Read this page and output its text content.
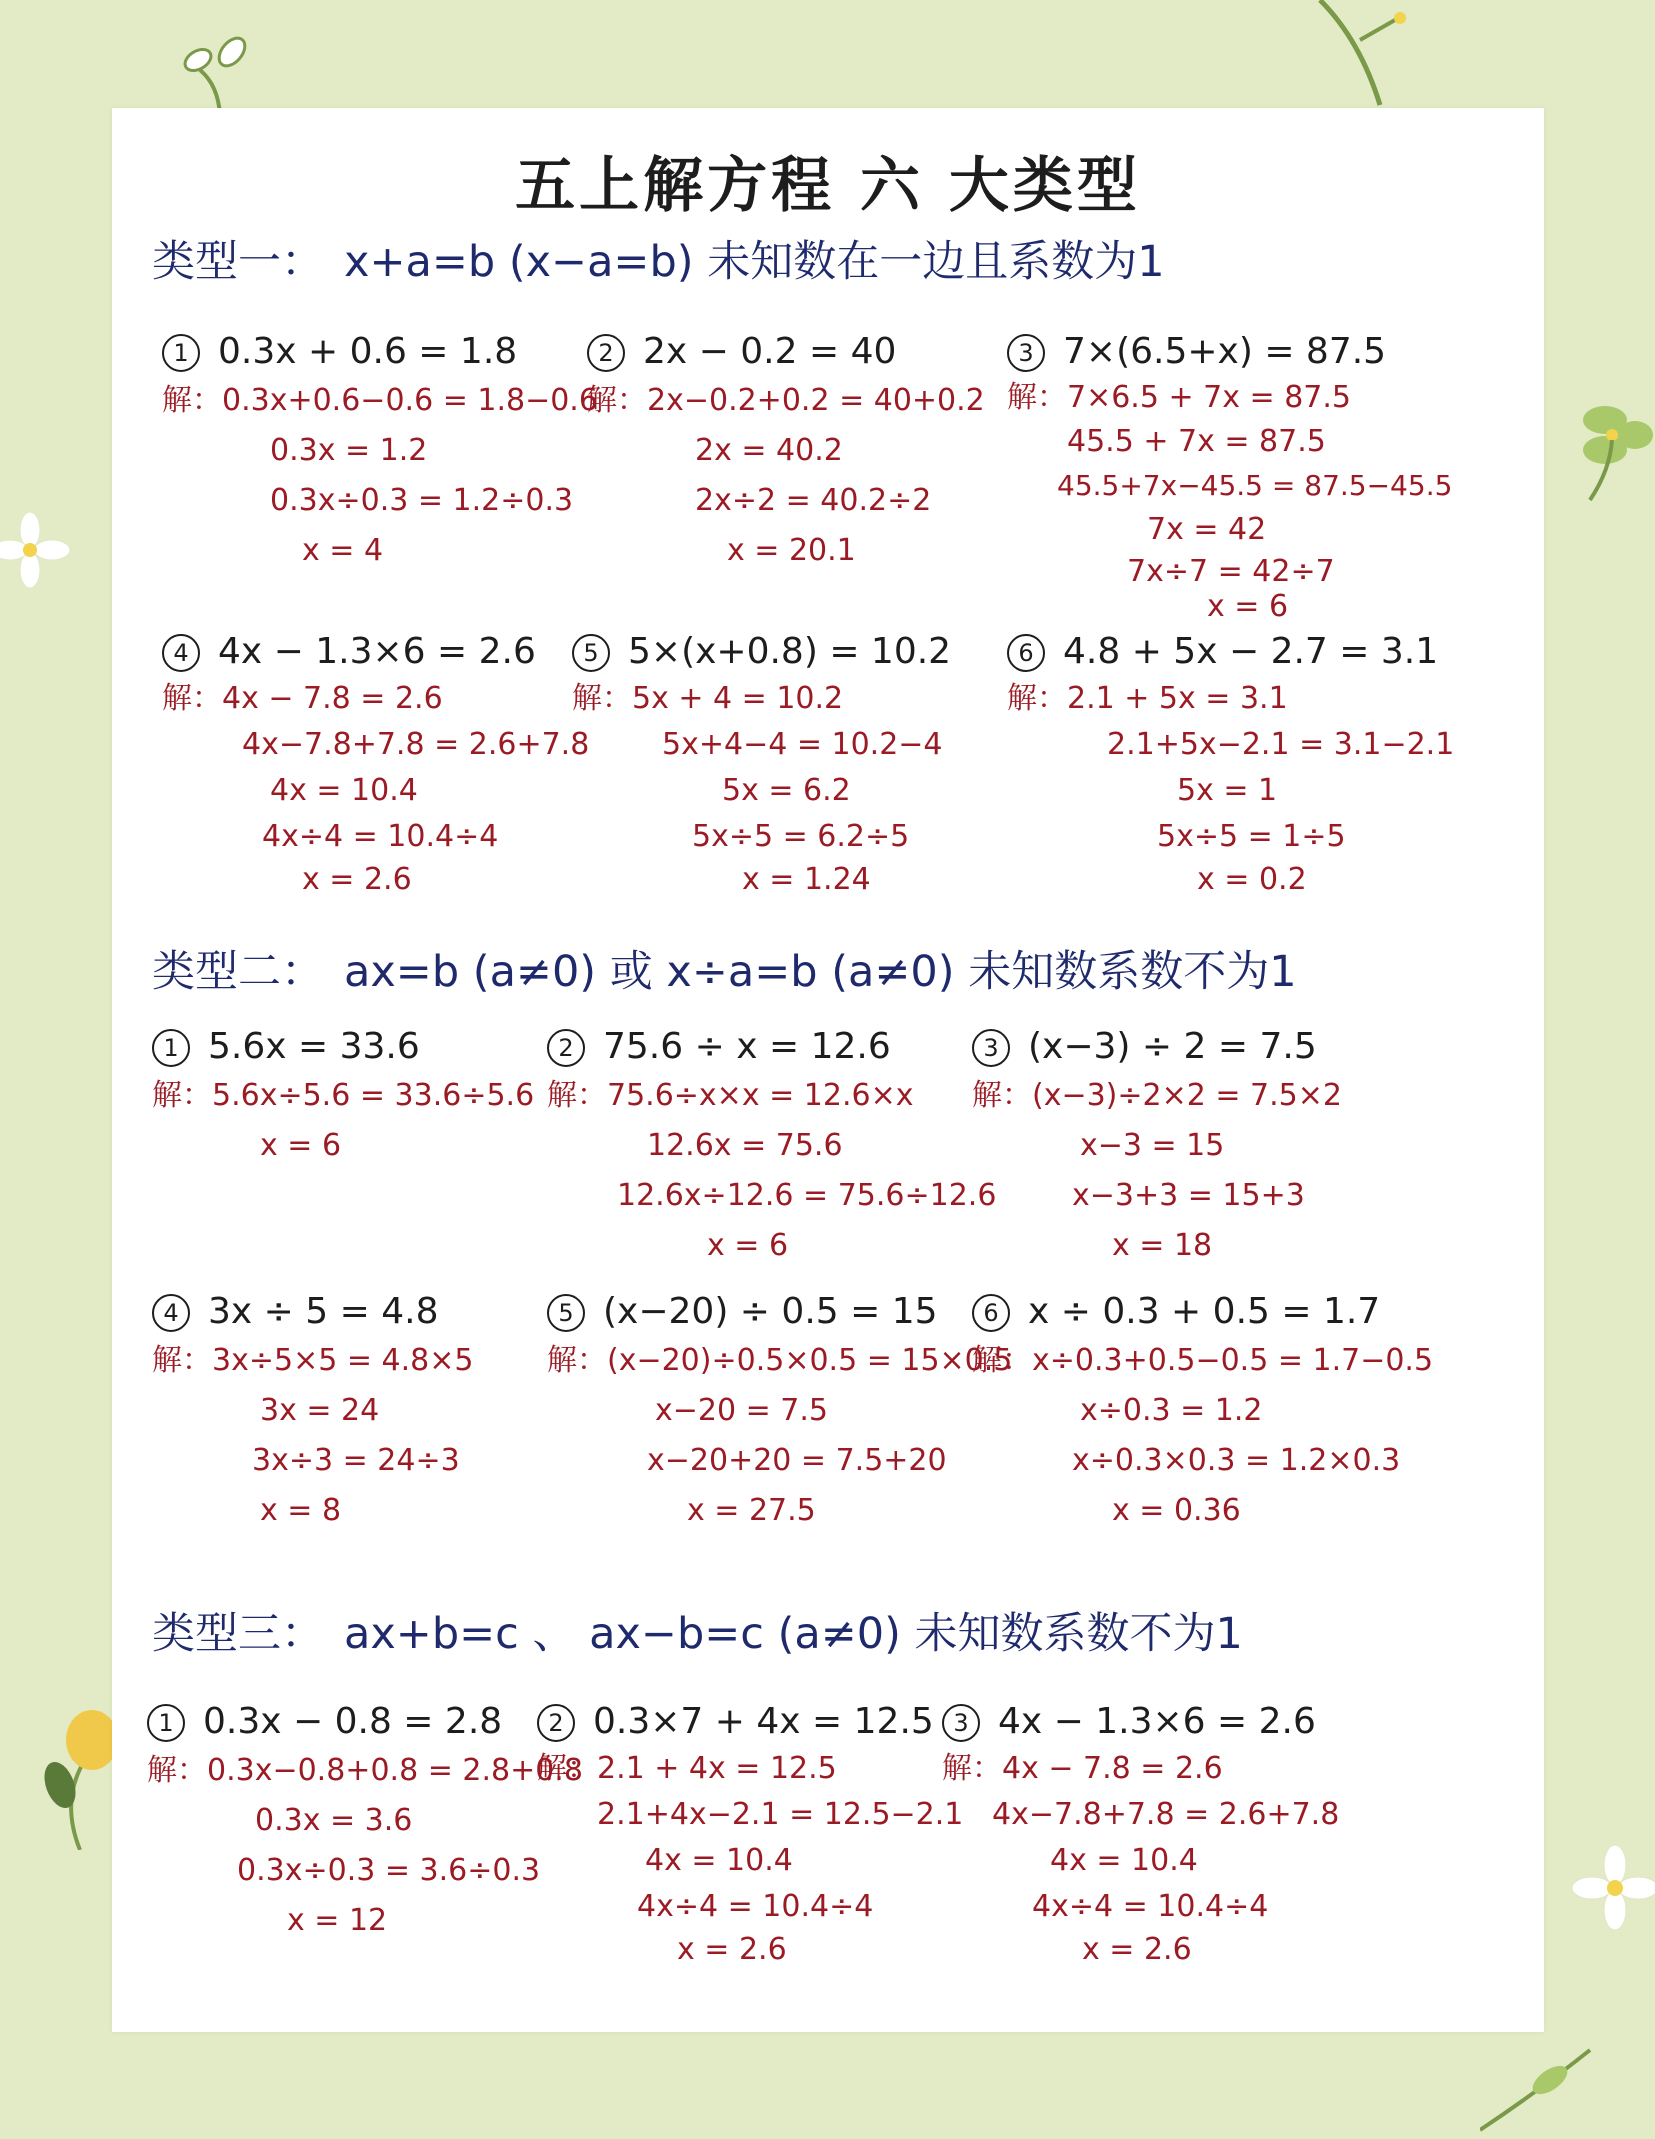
五上解方程 六 大类型
类型一： x+a=b (x−a=b) 未知数在一边且系数为1
1 0.3x + 0.6 = 1.8
解：0.3x+0.6−0.6 = 1.8−0.6
0.3x = 1.2
0.3x÷0.3 = 1.2÷0.3
x = 4
2 2x − 0.2 = 40
解：2x−0.2+0.2 = 40+0.2
2x = 40.2
2x÷2 = 40.2÷2
x = 20.1
3 7×(6.5+x) = 87.5
解：7×6.5 + 7x = 87.5
45.5 + 7x = 87.5
45.5+7x−45.5 = 87.5−45.5
7x = 42
7x÷7 = 42÷7
x = 6
4 4x − 1.3×6 = 2.6
解：4x − 7.8 = 2.6
4x−7.8+7.8 = 2.6+7.8
4x = 10.4
4x÷4 = 10.4÷4
x = 2.6
5 5×(x+0.8) = 10.2
解：5x + 4 = 10.2
5x+4−4 = 10.2−4
5x = 6.2
5x÷5 = 6.2÷5
x = 1.24
6 4.8 + 5x − 2.7 = 3.1
解：2.1 + 5x = 3.1
2.1+5x−2.1 = 3.1−2.1
5x = 1
5x÷5 = 1÷5
x = 0.2
类型二： ax=b (a≠0) 或 x÷a=b (a≠0) 未知数系数不为1
1 5.6x = 33.6
解：5.6x÷5.6 = 33.6÷5.6
x = 6
2 75.6 ÷ x = 12.6
解：75.6÷x×x = 12.6×x
12.6x = 75.6
12.6x÷12.6 = 75.6÷12.6
x = 6
3 (x−3) ÷ 2 = 7.5
解：(x−3)÷2×2 = 7.5×2
x−3 = 15
x−3+3 = 15+3
x = 18
4 3x ÷ 5 = 4.8
解：3x÷5×5 = 4.8×5
3x = 24
3x÷3 = 24÷3
x = 8
5 (x−20) ÷ 0.5 = 15
解：(x−20)÷0.5×0.5 = 15×0.5
x−20 = 7.5
x−20+20 = 7.5+20
x = 27.5
6 x ÷ 0.3 + 0.5 = 1.7
解：x÷0.3+0.5−0.5 = 1.7−0.5
x÷0.3 = 1.2
x÷0.3×0.3 = 1.2×0.3
x = 0.36
类型三： ax+b=c 、 ax−b=c (a≠0) 未知数系数不为1
1 0.3x − 0.8 = 2.8
解：0.3x−0.8+0.8 = 2.8+0.8
0.3x = 3.6
0.3x÷0.3 = 3.6÷0.3
x = 12
2 0.3×7 + 4x = 12.5
解：2.1 + 4x = 12.5
2.1+4x−2.1 = 12.5−2.1
4x = 10.4
4x÷4 = 10.4÷4
x = 2.6
3 4x − 1.3×6 = 2.6
解：4x − 7.8 = 2.6
4x−7.8+7.8 = 2.6+7.8
4x = 10.4
4x÷4 = 10.4÷4
x = 2.6
